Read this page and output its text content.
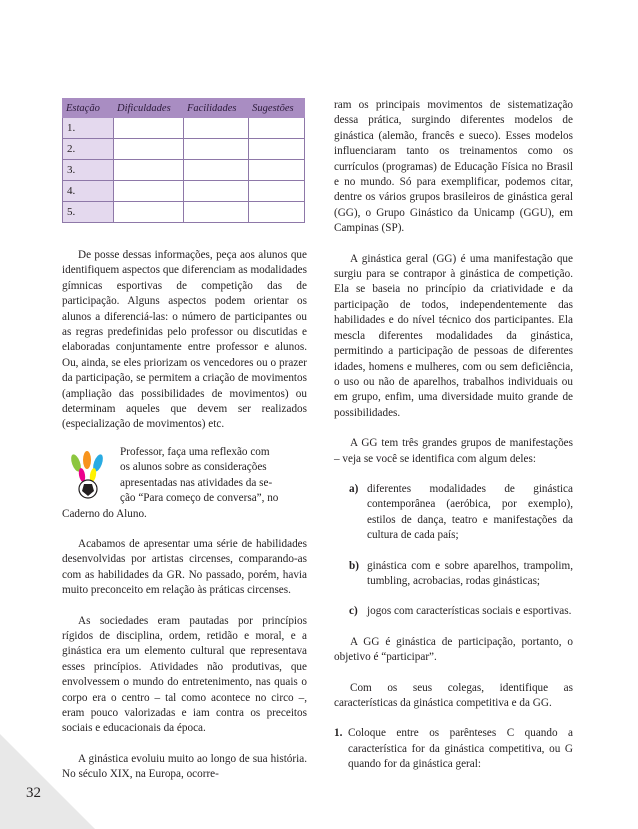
Estação	Dificuldades	Facilidades	Sugestões
1.			
2.			
3.			
4.			
5.			

De posse dessas informações, peça aos alunos que identifiquem aspectos que diferenciam as modalidades gímnicas esportivas de competição das de participação. Alguns aspectos podem orientar os alunos a diferenciá-las: o número de participantes ou as regras predefinidas pelo professor ou discutidas e elaboradas conjuntamente entre professor e alunos. Ou, ainda, se eles priorizam os vencedores ou o prazer da participação, se permitem a criação de movimentos (ampliação das possibilidades de movimentos) ou determinam aqueles que devem ser realizados (especialização de movimentos) etc.

Professor, faça uma reflexão com

os alunos sobre as considerações

apresentadas nas atividades da se-

ção “Para começo de conversa”, no

Caderno do Aluno.

Acabamos de apresentar uma série de habilidades desenvolvidas por artistas circenses, comparando-as com as habilidades da GR. No passado, porém, havia muito preconceito em relação às práticas circenses.

As sociedades eram pautadas por princípios rígidos de disciplina, ordem, retidão e moral, e a ginástica era um elemento cultural que representava esses princípios. Atividades não produtivas, que envolvessem o mundo do entretenimento, nas quais o corpo era o centro – tal como acontece no circo –, eram pouco valorizadas e iam contra os preceitos sociais e educacionais da época.

A ginástica evoluiu muito ao longo de sua história. No século XIX, na Europa, ocorre-

ram os principais movimentos de sistematização dessa prática, surgindo diferentes modelos de ginástica (alemão, francês e sueco). Esses modelos influenciaram tanto os treinamentos como os currículos (programas) de Educação Física no Brasil e no mundo. Só para exemplificar, podemos citar, dentre os vários grupos brasileiros de ginástica geral (GG), o Grupo Ginástico da Unicamp (GGU), em Campinas (SP).

A ginástica geral (GG) é uma manifestação que surgiu para se contrapor à ginástica de competição. Ela se baseia no princípio da criatividade e da participação de todos, independentemente das habilidades e do nível técnico dos participantes. Ela mescla diferentes modalidades da ginástica, permitindo a participação de pessoas de diferentes idades, homens e mulheres, com ou sem deficiência, o uso ou não de aparelhos, trabalhos individuais ou em grupo, enfim, uma diversidade muito grande de possibilidades.

A GG tem três grandes grupos de manifestações – veja se você se identifica com algum deles:

a) diferentes modalidades de ginástica contemporânea (aeróbica, por exemplo), estilos de dança, teatro e manifestações da cultura de cada país;
b) ginástica com e sobre aparelhos, trampolim, tumbling, acrobacias, rodas ginásticas;
c) jogos com características sociais e esportivas.

A GG é ginástica de participação, portanto, o objetivo é “participar”.

Com os seus colegas, identifique as características da ginástica competitiva e da GG.

1. Coloque entre os parênteses C quando a característica for da ginástica competitiva, ou G quando for da ginástica geral:
32
